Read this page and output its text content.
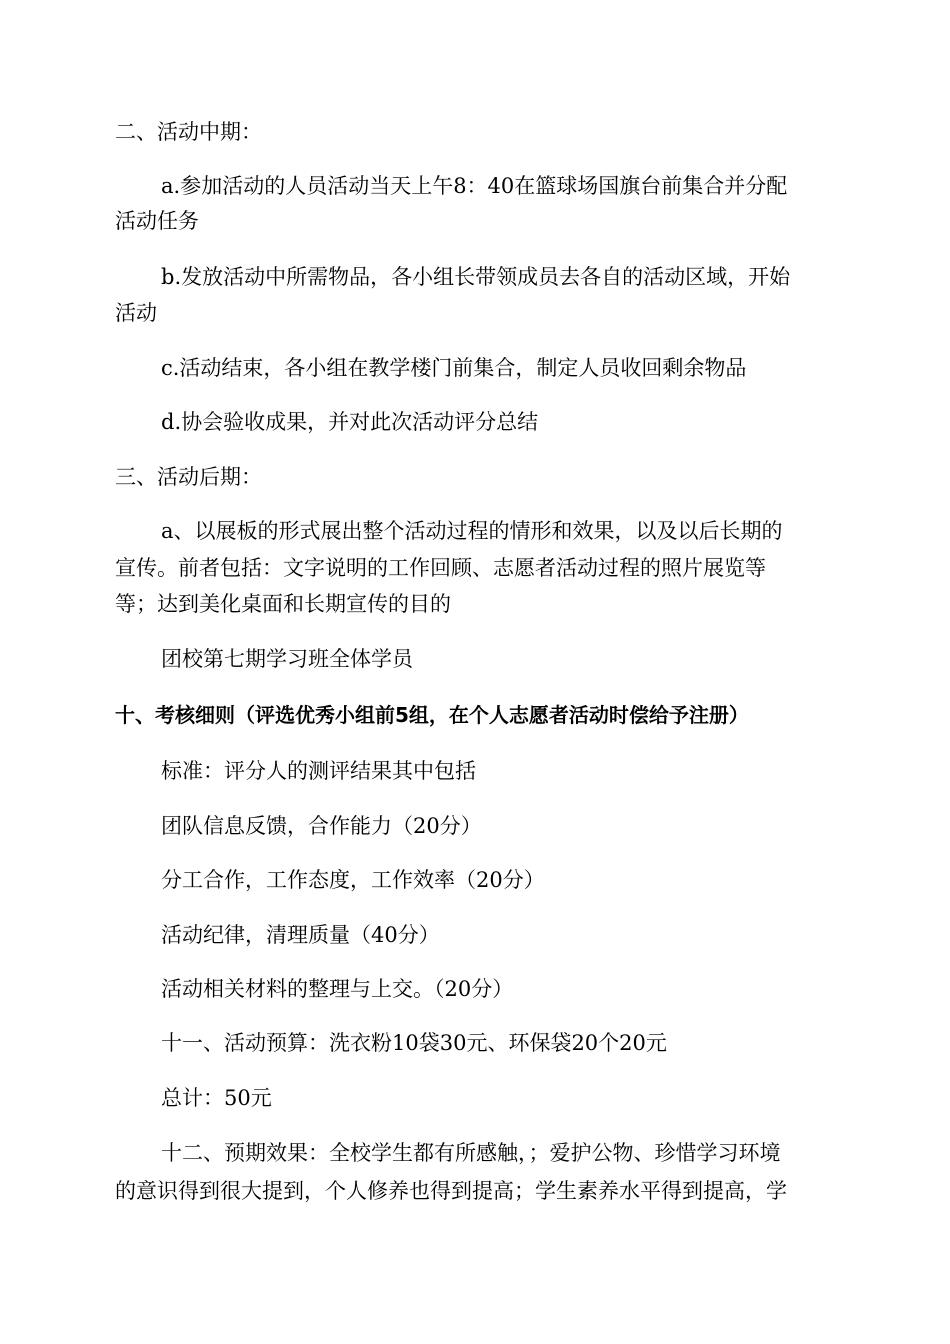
二、活动中期：
a.参加活动的人员活动当天上午8：40在篮球场国旗台前集合并分配
活动任务
b.发放活动中所需物品，各小组长带领成员去各自的活动区域，开始
活动
c.活动结束，各小组在教学楼门前集合，制定人员收回剩余物品
d.协会验收成果，并对此次活动评分总结
三、活动后期：
a、以展板的形式展出整个活动过程的情形和效果，以及以后长期的
宣传。前者包括：文字说明的工作回顾、志愿者活动过程的照片展览等
等；达到美化桌面和长期宣传的目的
团校第七期学习班全体学员
十、考核细则（评选优秀小组前5组，在个人志愿者活动时偿给予注册）
标准：评分人的测评结果其中包括
团队信息反馈，合作能力（20分）
分工合作，工作态度，工作效率（20分）
活动纪律，清理质量（40分）
活动相关材料的整理与上交。（20分）
十一、活动预算：洗衣粉10袋30元、环保袋20个20元
总计：50元
十二、预期效果：全校学生都有所感触，；爱护公物、珍惜学习环境
的意识得到很大提到，个人修养也得到提高；学生素养水平得到提高，学
